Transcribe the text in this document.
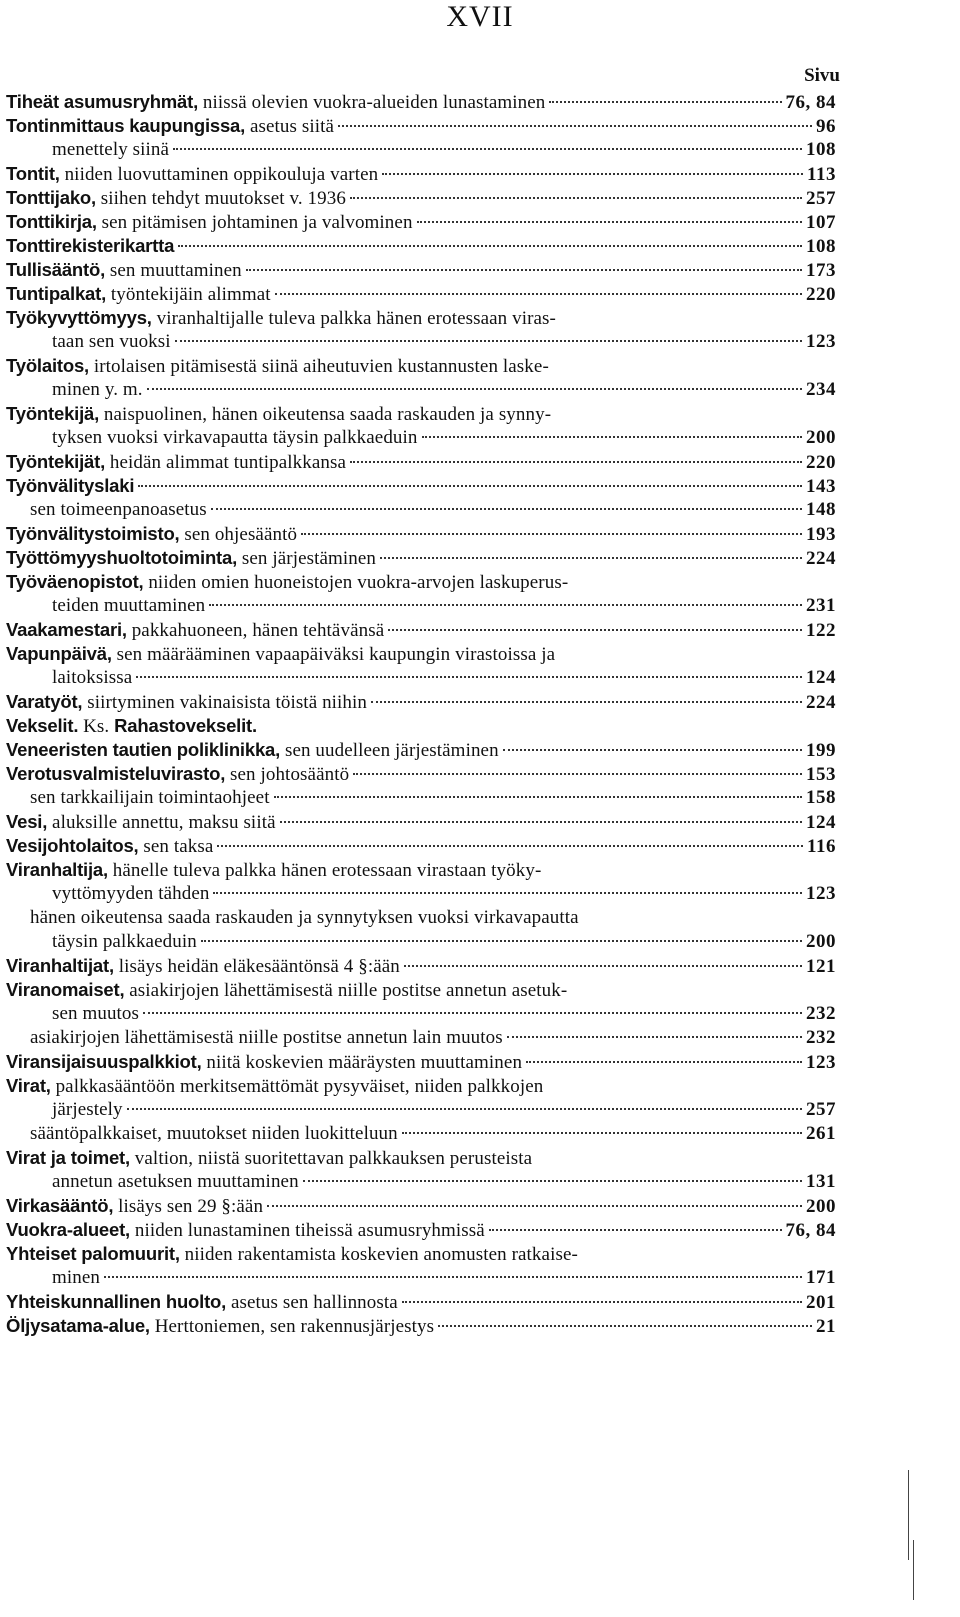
XVII
Sivu
Tiheät asumusryhmät, niissä olevien vuokra-alueiden lunastaminen	76, 84
Tontinmittaus kaupungissa, asetus siitä	96
menettely siinä	108
Tontit, niiden luovuttaminen oppikouluja varten	113
Tonttijako, siihen tehdyt muutokset v. 1936	257
Tonttikirja, sen pitämisen johtaminen ja valvominen	107
Tonttirekisterikartta	108
Tullisääntö, sen muuttaminen	173
Tuntipalkat, työntekijäin alimmat	220
Työkyvyttömyys, viranhaltijalle tuleva palkka hänen erotessaan viras-
taan sen vuoksi	123
Työlaitos, irtolaisen pitämisestä siinä aiheutuvien kustannusten laske-
minen y. m.	234
Työntekijä, naispuolinen, hänen oikeutensa saada raskauden ja synny-
tyksen vuoksi virkavapautta täysin palkkaeduin	200
Työntekijät, heidän alimmat tuntipalkkansa	220
Työnvälityslaki	143
sen toimeenpanoasetus	148
Työnvälitystoimisto, sen ohjesääntö	193
Työttömyyshuoltotoiminta, sen järjestäminen	224
Työväenopistot, niiden omien huoneistojen vuokra-arvojen laskuperus-
teiden muuttaminen	231
Vaakamestari, pakkahuoneen, hänen tehtävänsä	122
Vapunpäivä, sen määrääminen vapaapäiväksi kaupungin virastoissa ja
laitoksissa	124
Varatyöt, siirtyminen vakinaisista töistä niihin	224
Vekselit. Ks. Rahastovekselit.
Veneeristen tautien poliklinikka, sen uudelleen järjestäminen	199
Verotusvalmisteluvirasto, sen johtosääntö	153
sen tarkkailijain toimintaohjeet	158
Vesi, aluksille annettu, maksu siitä	124
Vesijohtolaitos, sen taksa	116
Viranhaltija, hänelle tuleva palkka hänen erotessaan virastaan työky-
vyttömyyden tähden	123
hänen oikeutensa saada raskauden ja synnytyksen vuoksi virkavapautta
täysin palkkaeduin	200
Viranhaltijat, lisäys heidän eläkesääntönsä 4 §:ään	121
Viranomaiset, asiakirjojen lähettämisestä niille postitse annetun asetuk-
sen muutos	232
asiakirjojen lähettämisestä niille postitse annetun lain muutos	232
Viransijaisuuspalkkiot, niitä koskevien määräysten muuttaminen	123
Virat, palkkasääntöön merkitsemättömät pysyväiset, niiden palkkojen
järjestely	257
sääntöpalkkaiset, muutokset niiden luokitteluun	261
Virat ja toimet, valtion, niistä suoritettavan palkkauksen perusteista
annetun asetuksen muuttaminen	131
Virkasääntö, lisäys sen 29 §:ään	200
Vuokra-alueet, niiden lunastaminen tiheissä asumusryhmissä	76, 84
Yhteiset palomuurit, niiden rakentamista koskevien anomusten ratkaise-
minen	171
Yhteiskunnallinen huolto, asetus sen hallinnosta	201
Öljysatama-alue, Herttoniemen, sen rakennusjärjestys	21
